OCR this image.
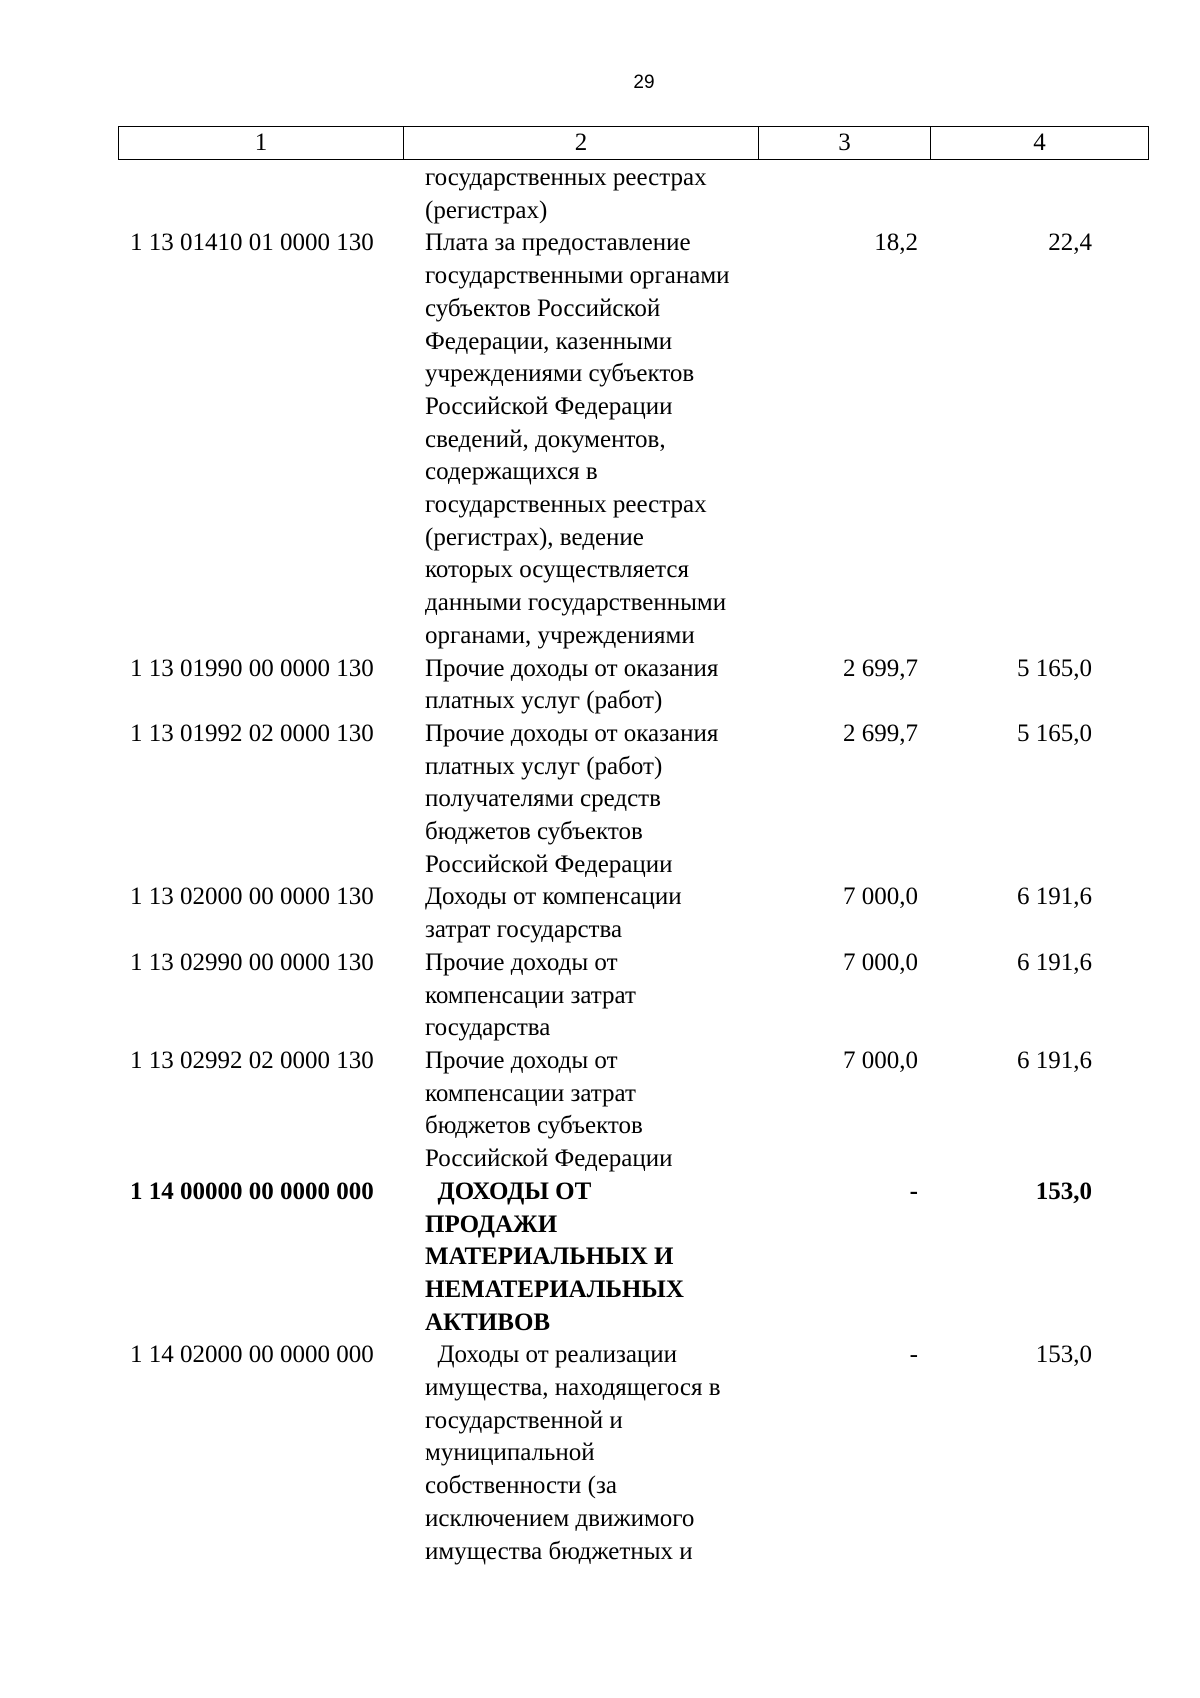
29
1	2	3	4
государственных реестрах
(регистрах)
1 13 01410 01 0000 130	Плата за предоставление
государственными органами
субъектов Российской
Федерации, казенными
учреждениями субъектов
Российской Федерации
сведений, документов,
содержащихся в
государственных реестрах
(регистрах), ведение
которых осуществляется
данными государственными
органами, учреждениями
18,2	22,4
1 13 01990 00 0000 130	Прочие доходы от оказания
платных услуг (работ)
2 699,7	5 165,0
1 13 01992 02 0000 130	Прочие доходы от оказания
платных услуг (работ)
получателями средств
бюджетов субъектов
Российской Федерации
2 699,7	5 165,0
1 13 02000 00 0000 130	Доходы от компенсации
затрат государства
7 000,0	6 191,6
1 13 02990 00 0000 130	Прочие доходы от
компенсации затрат
государства
7 000,0	6 191,6
1 13 02992 02 0000 130	Прочие доходы от
компенсации затрат
бюджетов субъектов
Российской Федерации
7 000,0	6 191,6
1 14 00000 00 0000 000	ДОХОДЫ ОТ
ПРОДАЖИ
МАТЕРИАЛЬНЫХ И
НЕМАТЕРИАЛЬНЫХ
АКТИВОВ
-	153,0
1 14 02000 00 0000 000	Доходы от реализации
имущества, находящегося в
государственной и
муниципальной
собственности (за
исключением движимого
имущества бюджетных и
-	153,0
